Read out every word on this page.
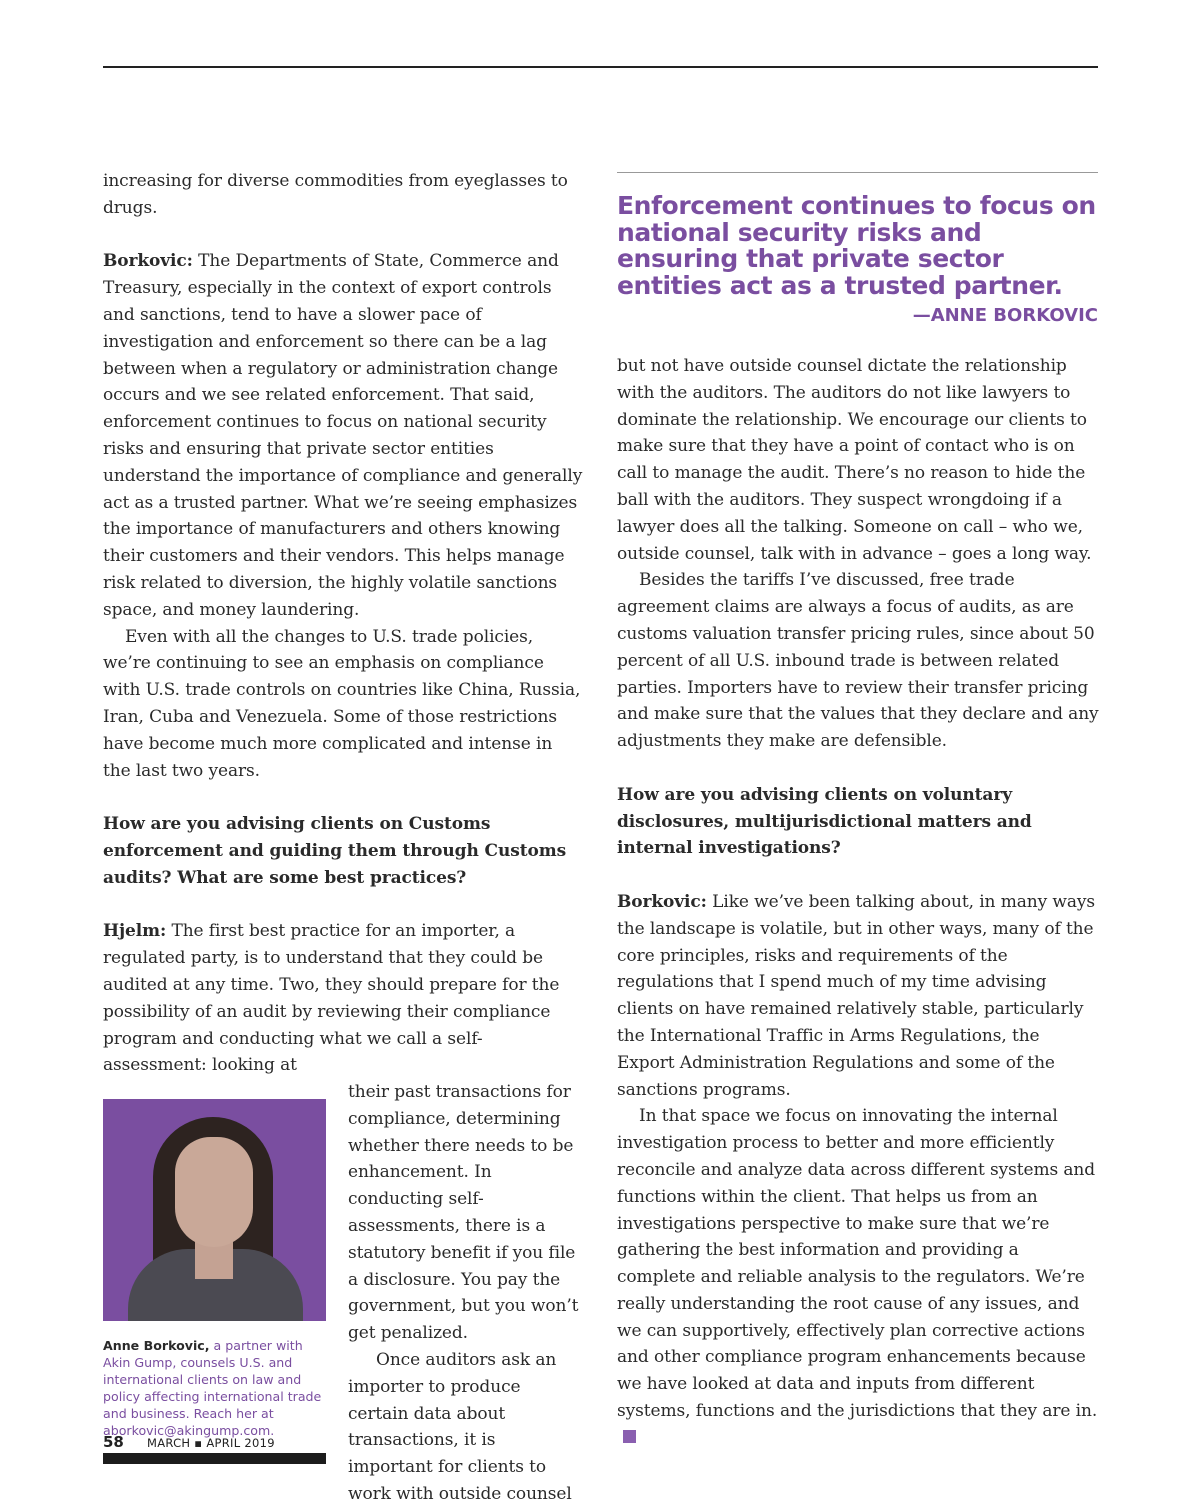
increasing for diverse commodities from eyeglasses to drugs.

Borkovic: The Departments of State, Commerce and Treasury, especially in the context of export controls and sanctions, tend to have a slower pace of investigation and enforcement so there can be a lag between when a regulatory or administration change occurs and we see related enforcement. That said, enforcement continues to focus on national security risks and ensuring that private sector entities understand the importance of compliance and generally act as a trusted partner. What we’re seeing emphasizes the importance of manufacturers and others knowing their customers and their vendors. This helps manage risk related to diversion, the highly volatile sanctions space, and money laundering.

Even with all the changes to U.S. trade policies, we’re continuing to see an emphasis on compliance with U.S. trade controls on countries like China, Russia, Iran, Cuba and Venezuela. Some of those restrictions have become much more complicated and intense in the last two years.

How are you advising clients on Customs enforcement and guiding them through Customs audits? What are some best practices?

Hjelm: The first best practice for an importer, a regulated party, is to understand that they could be audited at any time. Two, they should prepare for the possibility of an audit by reviewing their compliance program and conducting what we call a self-assessment: looking at

Anne Borkovic, a partner with Akin Gump, counsels U.S. and international clients on law and policy affecting international trade and business. Reach her at aborkovic@akingump.com.

their past transactions for compliance, determining whether there needs to be enhancement. In conducting self-assessments, there is a statutory benefit if you file a disclosure. You pay the government, but you won’t get penalized.

Once auditors ask an importer to produce certain data about transactions, it is important for clients to work with outside counsel

Enforcement continues to focus on national security risks and ensuring that private sector entities act as a trusted partner.

—ANNE BORKOVIC

but not have outside counsel dictate the relationship with the auditors. The auditors do not like lawyers to dominate the relationship. We encourage our clients to make sure that they have a point of contact who is on call to manage the audit. There’s no reason to hide the ball with the auditors. They suspect wrongdoing if a lawyer does all the talking. Someone on call – who we, outside counsel, talk with in advance – goes a long way.

Besides the tariffs I’ve discussed, free trade agreement claims are always a focus of audits, as are customs valuation transfer pricing rules, since about 50 percent of all U.S. inbound trade is between related parties. Importers have to review their transfer pricing and make sure that the values that they declare and any adjustments they make are defensible.

How are you advising clients on voluntary disclosures, multijurisdictional matters and internal investigations?

Borkovic: Like we’ve been talking about, in many ways the landscape is volatile, but in other ways, many of the core principles, risks and requirements of the regulations that I spend much of my time advising clients on have remained relatively stable, particularly the International Traffic in Arms Regulations, the Export Administration Regulations and some of the sanctions programs.

In that space we focus on innovating the internal investigation process to better and more efficiently reconcile and analyze data across different systems and functions within the client. That helps us from an investigations perspective to make sure that we’re gathering the best information and providing a complete and reliable analysis to the regulators. We’re really understanding the root cause of any issues, and we can supportively, effectively plan corrective actions and other compliance program enhancements because we have looked at data and inputs from different systems, functions and the jurisdictions that they are in.

58 MARCH ▪ APRIL 2019
